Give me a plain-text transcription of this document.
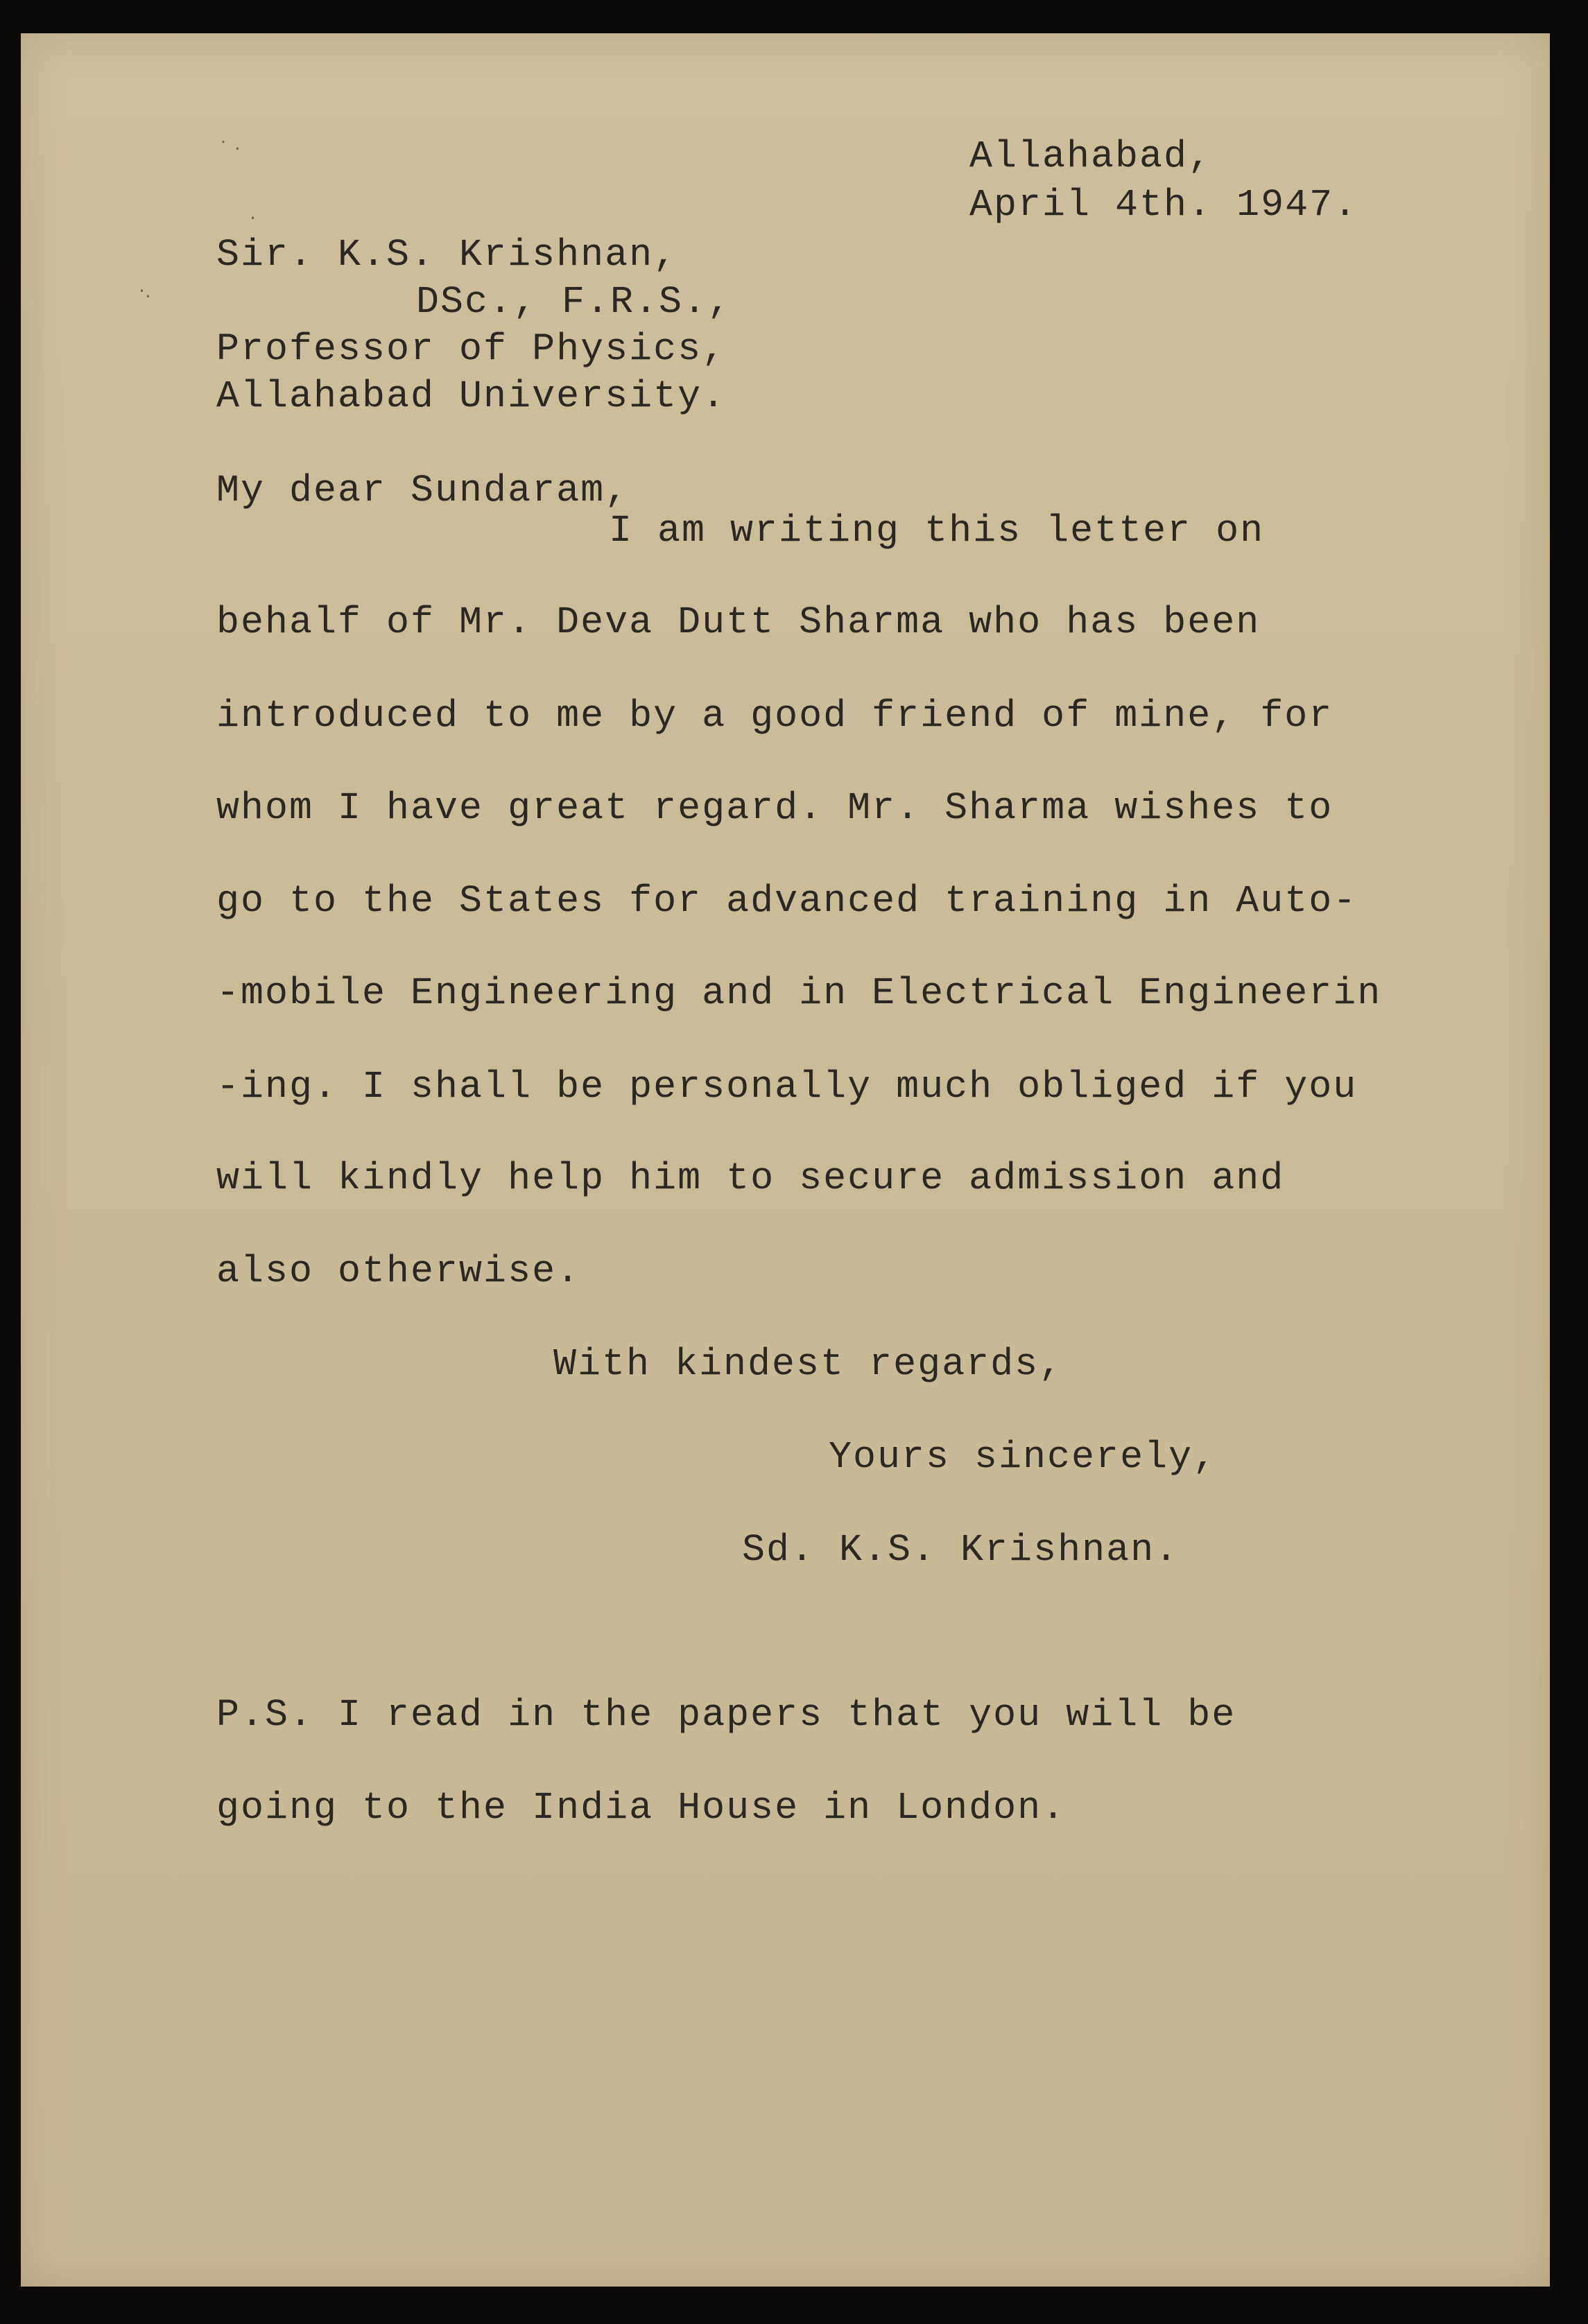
˙ ·
·
·.
Allahabad,
April 4th. 1947.
Sir. K.S. Krishnan,
DSc., F.R.S.,
Professor of Physics,
Allahabad University.
My dear Sundaram,
I am writing this letter on
behalf of Mr. Deva Dutt Sharma who has been
introduced to me by a good friend of mine, for
whom I have great regard. Mr. Sharma wishes to
go to the States for advanced training in Auto-
-mobile Engineering and in Electrical Engineerin
-ing. I shall be personally much obliged if you
will kindly help him to secure admission and
also otherwise.
With kindest regards,
Yours sincerely,
Sd. K.S. Krishnan.
P.S. I read in the papers that you will be
going to the India House in London.
